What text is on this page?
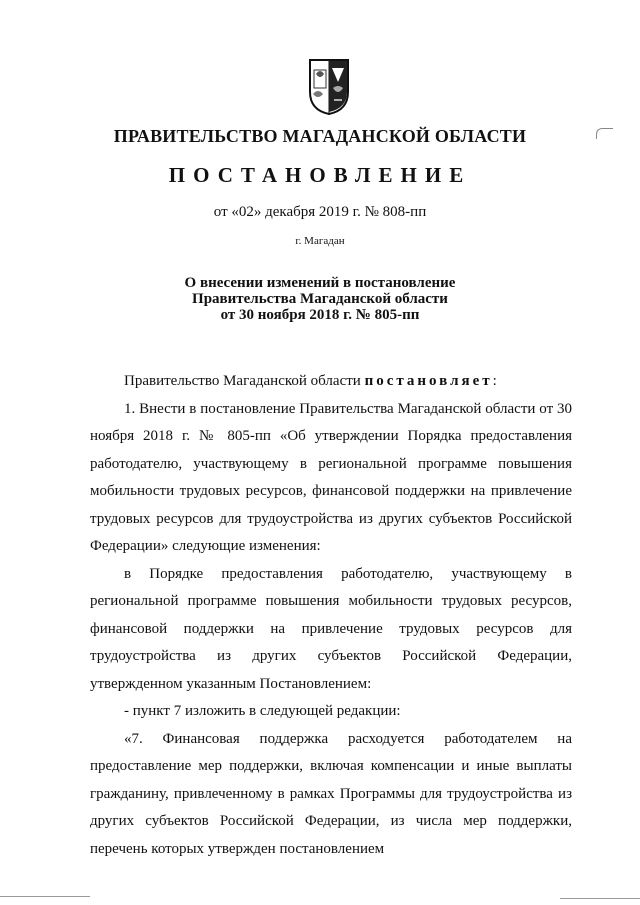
ПРАВИТЕЛЬСТВО МАГАДАНСКОЙ ОБЛАСТИ
ПОСТАНОВЛЕНИЕ
от «02» декабря 2019 г. № 808-пп
г. Магадан
О внесении изменений в постановление
Правительства Магаданской области
от 30 ноября 2018 г. № 805-пп

Правительство Магаданской области постановляет:

1. Внести в постановление Правительства Магаданской области от 30 ноября 2018 г. № 805-пп «Об утверждении Порядка предоставления работодателю, участвующему в региональной программе повышения мобильности трудовых ресурсов, финансовой поддержки на привлечение трудовых ресурсов для трудоустройства из других субъектов Российской Федерации» следующие изменения:

в Порядке предоставления работодателю, участвующему в региональной программе повышения мобильности трудовых ресурсов, финансовой поддержки на привлечение трудовых ресурсов для трудоустройства из других субъектов Российской Федерации, утвержденном указанным Постановлением:

- пункт 7 изложить в следующей редакции:

«7. Финансовая поддержка расходуется работодателем на предоставление мер поддержки, включая компенсации и иные выплаты гражданину, привлеченному в рамках Программы для трудоустройства из других субъектов Российской Федерации, из числа мер поддержки, перечень которых утвержден постановлением
